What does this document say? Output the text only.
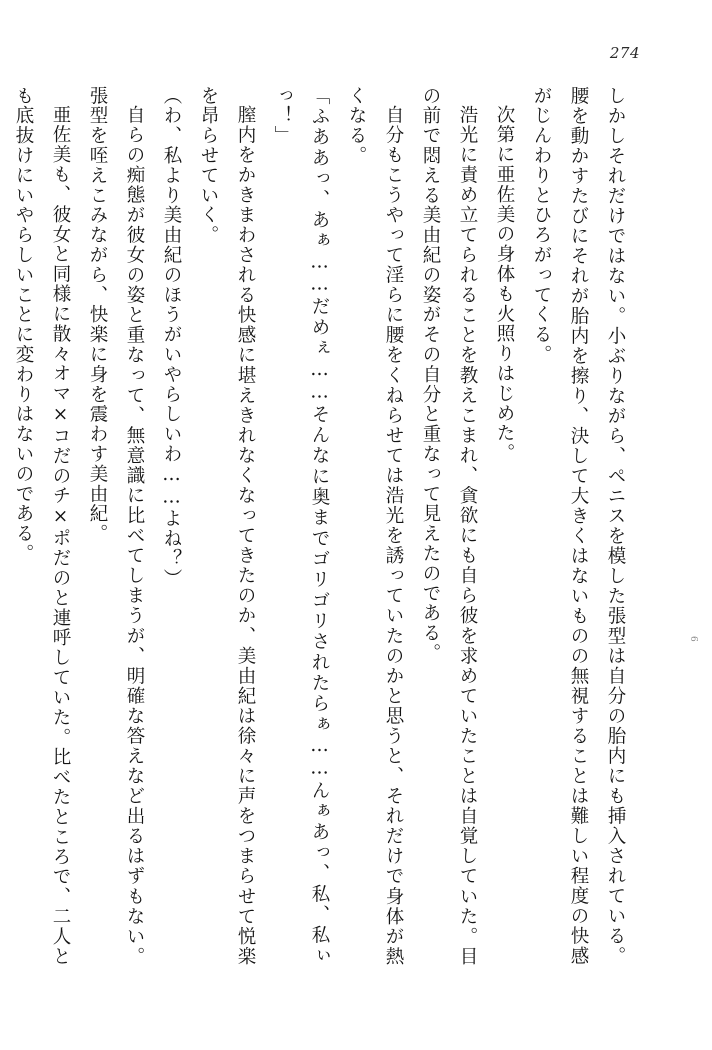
274

しかしそれだけではない。小ぶりながら、ペニスを模した張型は自分の胎内にも挿入されている。腰を動かすたびにそれが胎内を擦り、決して大きくはないものの無視することは難しい程度の快感がじんわりとひろがってくる。

次第に亜佐美の身体も火照りはじめた。

浩光に責め立てられることを教えこまれ、貪欲にも自ら彼を求めていたことは自覚していた。目の前で悶える美由紀の姿がその自分と重なって見えたのである。

自分もこうやって淫らに腰をくねらせては浩光を誘っていたのかと思うと、それだけで身体が熱くなる。

「ふああっ、あぁ……だめぇ……そんなに奥までゴリゴリされたらぁ……んぁあっ、私、私ぃっ！」

膣内をかきまわされる快感に堪えきれなくなってきたのか、美由紀は徐々に声をつまらせて悦楽を昂らせていく。

（わ、私より美由紀のほうがいやらしいわ……よね？）

自らの痴態が彼女の姿と重なって、無意識に比べてしまうが、明確な答えなど出るはずもない。張型を咥えこみながら、快楽に身を震わす美由紀。

亜佐美も、彼女と同様に散々オマ×コだのチ×ポだのと連呼していた。比べたところで、二人とも底抜けにいやらしいことに変わりはないのである。

6
